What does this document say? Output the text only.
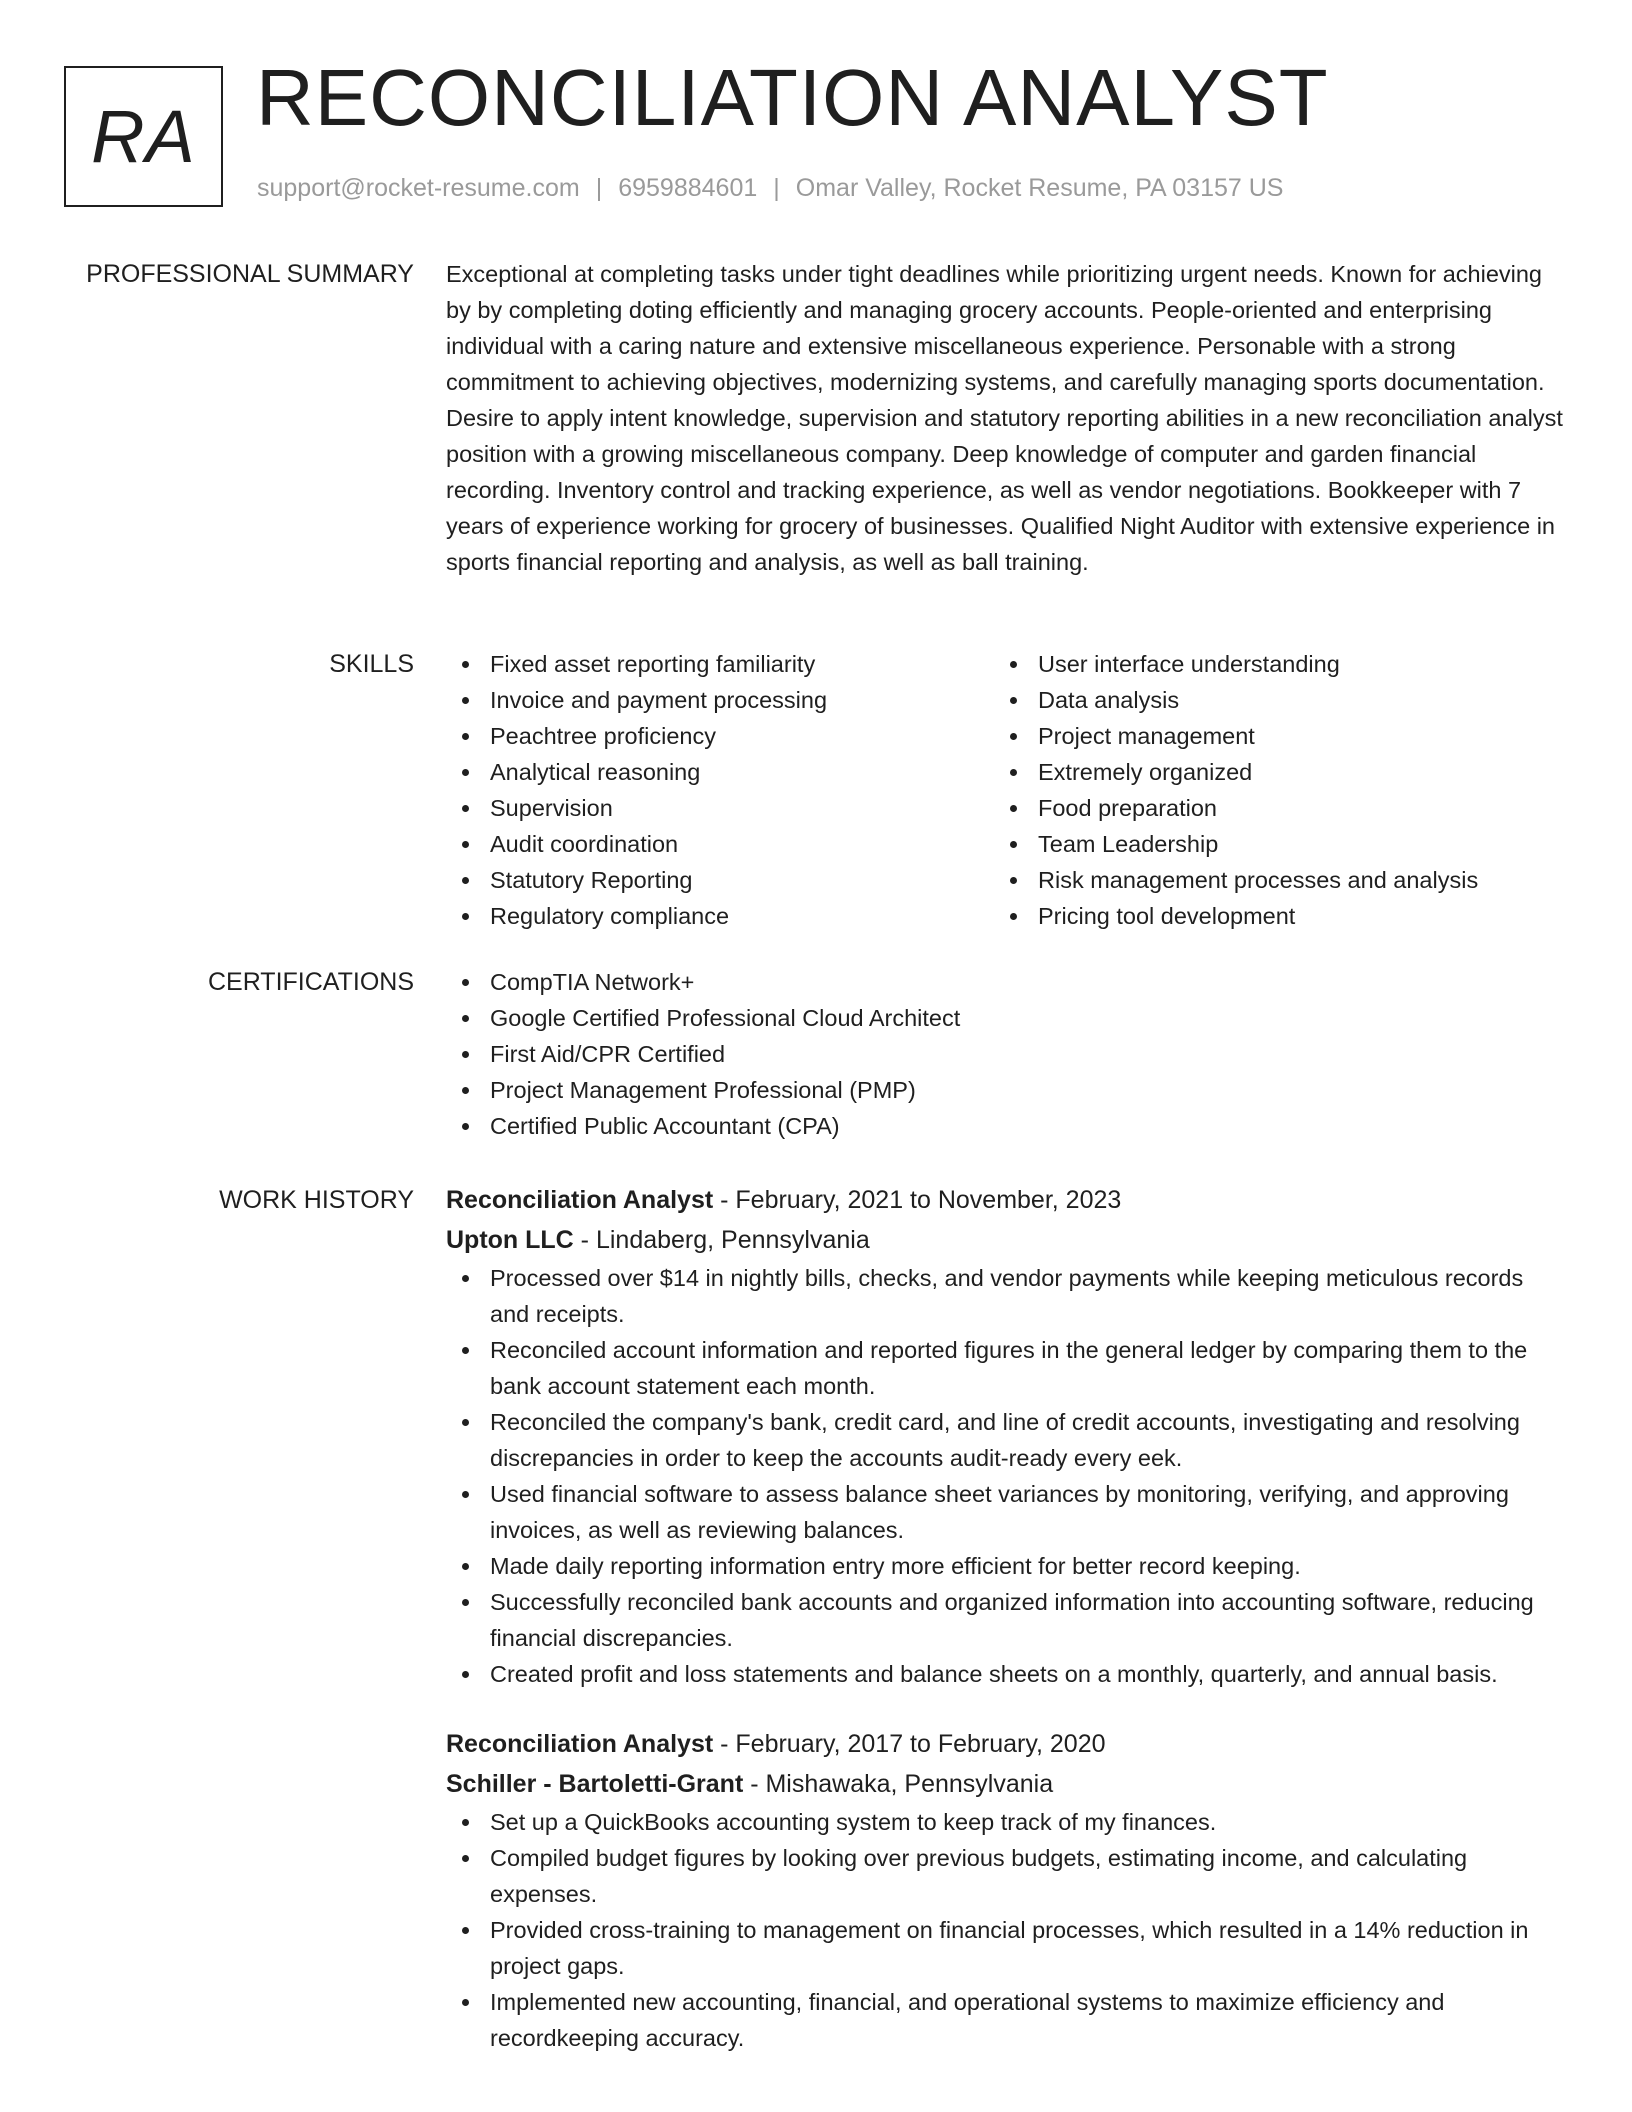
RA RECONCILIATION ANALYST
support@rocket-resume.com | 6959884601 | Omar Valley, Rocket Resume, PA 03157 US
PROFESSIONAL SUMMARY Exceptional at completing tasks under tight deadlines while prioritizing urgent needs. Known for achieving by by completing doting efficiently and managing grocery accounts. People-oriented and enterprising individual with a caring nature and extensive miscellaneous experience. Personable with a strong commitment to achieving objectives, modernizing systems, and carefully managing sports documentation. Desire to apply intent knowledge, supervision and statutory reporting abilities in a new reconciliation analyst position with a growing miscellaneous company. Deep knowledge of computer and garden financial recording. Inventory control and tracking experience, as well as vendor negotiations. Bookkeeper with 7 years of experience working for grocery of businesses. Qualified Night Auditor with extensive experience in sports financial reporting and analysis, as well as ball training.
SKILLS	Fixed asset reporting familiarity
Invoice and payment processing
Peachtree proficiency
Analytical reasoning
Supervision
Audit coordination
Statutory Reporting
Regulatory compliance
User interface understanding
Data analysis
Project management
Extremely organized
Food preparation
Team Leadership
Risk management processes and analysis
Pricing tool development
CERTIFICATIONS	CompTIA Network+
Google Certified Professional Cloud Architect
First Aid/CPR Certified
Project Management Professional (PMP)
Certified Public Accountant (CPA)
WORK HISTORY Reconciliation Analyst - February, 2021 to November, 2023
Upton LLC - Lindaberg, Pennsylvania
Processed over $14 in nightly bills, checks, and vendor payments while keeping meticulous records and receipts.
Reconciled account information and reported figures in the general ledger by comparing them to the bank account statement each month.
Reconciled the company's bank, credit card, and line of credit accounts, investigating and resolving discrepancies in order to keep the accounts audit-ready every eek.
Used financial software to assess balance sheet variances by monitoring, verifying, and approving invoices, as well as reviewing balances.
Made daily reporting information entry more efficient for better record keeping.
Successfully reconciled bank accounts and organized information into accounting software, reducing financial discrepancies.
Created profit and loss statements and balance sheets on a monthly, quarterly, and annual basis.
Reconciliation Analyst - February, 2017 to February, 2020
Schiller - Bartoletti-Grant - Mishawaka, Pennsylvania
Set up a QuickBooks accounting system to keep track of my finances.
Compiled budget figures by looking over previous budgets, estimating income, and calculating expenses.
Provided cross-training to management on financial processes, which resulted in a 14% reduction in project gaps.
Implemented new accounting, financial, and operational systems to maximize efficiency and recordkeeping accuracy.
